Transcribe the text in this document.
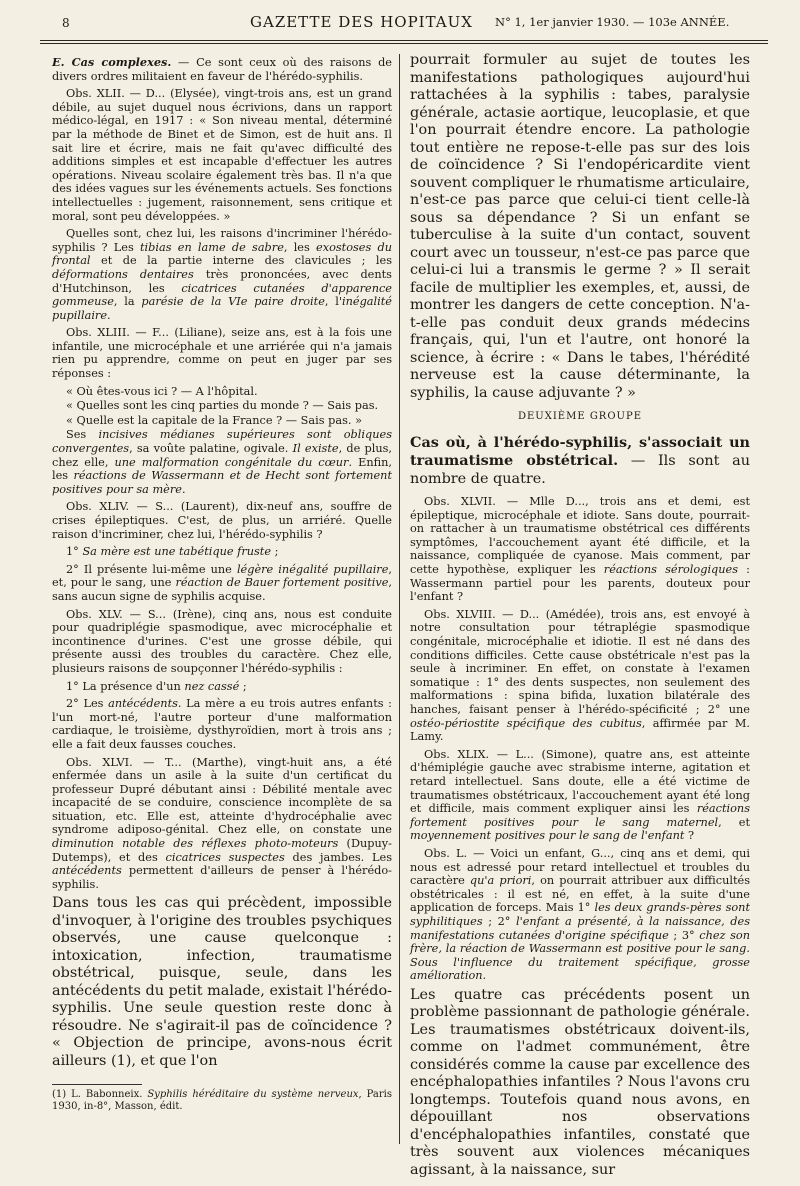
8	GAZETTE DES HOPITAUX N° 1, 1er janvier 1930. — 103e ANNÉE.

E. Cas complexes. — Ce sont ceux où des raisons de divers ordres militaient en faveur de l'hérédo-syphilis.

Obs. XLII. — D... (Elysée), vingt-trois ans, est un grand débile, au sujet duquel nous écrivions, dans un rapport médico-légal, en 1917 : « Son niveau mental, déterminé par la méthode de Binet et de Simon, est de huit ans. Il sait lire et écrire, mais ne fait qu'avec difficulté des additions simples et est incapable d'effectuer les autres opérations. Niveau scolaire également très bas. Il n'a que des idées vagues sur les événements actuels. Ses fonctions intellectuelles : jugement, raisonnement, sens critique et moral, sont peu développées. »

Quelles sont, chez lui, les raisons d'incriminer l'hérédo-syphilis ? Les tibias en lame de sabre, les exostoses du frontal et de la partie interne des clavicules ; les déformations dentaires très prononcées, avec dents d'Hutchinson, les cicatrices cutanées d'apparence gommeuse, la parésie de la VIe paire droite, l'inégalité pupillaire.

Obs. XLIII. — F... (Liliane), seize ans, est à la fois une infantile, une microcéphale et une arriérée qui n'a jamais rien pu apprendre, comme on peut en juger par ses réponses :

« Où êtes-vous ici ? — A l'hôpital.

« Quelles sont les cinq parties du monde ? — Sais pas.

« Quelle est la capitale de la France ? — Sais pas. »

Ses incisives médianes supérieures sont obliques convergentes, sa voûte palatine, ogivale. Il existe, de plus, chez elle, une malformation congénitale du cœur. Enfin, les réactions de Wassermann et de Hecht sont fortement positives pour sa mère.

Obs. XLIV. — S... (Laurent), dix-neuf ans, souffre de crises épileptiques. C'est, de plus, un arriéré. Quelle raison d'incriminer, chez lui, l'hérédo-syphilis ?

1° Sa mère est une tabétique fruste ;

2° Il présente lui-même une légère inégalité pupillaire, et, pour le sang, une réaction de Bauer fortement positive, sans aucun signe de syphilis acquise.

Obs. XLV. — S... (Irène), cinq ans, nous est conduite pour quadriplégie spasmodique, avec microcéphalie et incontinence d'urines. C'est une grosse débile, qui présente aussi des troubles du caractère. Chez elle, plusieurs raisons de soupçonner l'hérédo-syphilis :

1° La présence d'un nez cassé ;

2° Les antécédents. La mère a eu trois autres enfants : l'un mort-né, l'autre porteur d'une malformation cardiaque, le troisième, dysthyroïdien, mort à trois ans ; elle a fait deux fausses couches.

Obs. XLVI. — T... (Marthe), vingt-huit ans, a été enfermée dans un asile à la suite d'un certificat du professeur Dupré débutant ainsi : Débilité mentale avec incapacité de se conduire, conscience incomplète de sa situation, etc. Elle est, atteinte d'hydrocéphalie avec syndrome adiposo-génital. Chez elle, on constate une diminution notable des réflexes photo-moteurs (Dupuy-Dutemps), et des cicatrices suspectes des jambes. Les antécédents permettent d'ailleurs de penser à l'hérédo-syphilis.

Dans tous les cas qui précèdent, impossible d'invoquer, à l'origine des troubles psychiques observés, une cause quelconque : intoxication, infection, traumatisme obstétrical, puisque, seule, dans les antécédents du petit malade, existait l'hérédo-syphilis. Une seule question reste donc à résoudre. Ne s'agirait-il pas de coïncidence ? « Objection de principe, avons-nous écrit ailleurs (1), et que l'on

(1) L. Babonneix. Syphilis héréditaire du système nerveux, Paris 1930, in-8°, Masson, édit.

pourrait formuler au sujet de toutes les manifestations pathologiques aujourd'hui rattachées à la syphilis : tabes, paralysie générale, actasie aortique, leucoplasie, et que l'on pourrait étendre encore. La pathologie tout entière ne repose-t-elle pas sur des lois de coïncidence ? Si l'endopéricardite vient souvent compliquer le rhumatisme articulaire, n'est-ce pas parce que celui-ci tient celle-là sous sa dépendance ? Si un enfant se tuberculise à la suite d'un contact, souvent court avec un tousseur, n'est-ce pas parce que celui-ci lui a transmis le germe ? » Il serait facile de multiplier les exemples, et, aussi, de montrer les dangers de cette conception. N'a-t-elle pas conduit deux grands médecins français, qui, l'un et l'autre, ont honoré la science, à écrire : « Dans le tabes, l'hérédité nerveuse est la cause déterminante, la syphilis, la cause adjuvante ? »

DEUXIÈME GROUPE

Cas où, à l'hérédo-syphilis, s'associait un traumatisme obstétrical. — Ils sont au nombre de quatre.

Obs. XLVII. — Mlle D..., trois ans et demi, est épileptique, microcéphale et idiote. Sans doute, pourrait-on rattacher à un traumatisme obstétrical ces différents symptômes, l'accouchement ayant été difficile, et la naissance, compliquée de cyanose. Mais comment, par cette hypothèse, expliquer les réactions sérologiques : Wassermann partiel pour les parents, douteux pour l'enfant ?

Obs. XLVIII. — D... (Amédée), trois ans, est envoyé à notre consultation pour tétraplégie spasmodique congénitale, microcéphalie et idiotie. Il est né dans des conditions difficiles. Cette cause obstétricale n'est pas la seule à incriminer. En effet, on constate à l'examen somatique : 1° des dents suspectes, non seulement des malformations : spina bifida, luxation bilatérale des hanches, faisant penser à l'hérédo-spécificité ; 2° une ostéo-périostite spécifique des cubitus, affirmée par M. Lamy.

Obs. XLIX. — L... (Simone), quatre ans, est atteinte d'hémiplégie gauche avec strabisme interne, agitation et retard intellectuel. Sans doute, elle a été victime de traumatismes obstétricaux, l'accouchement ayant été long et difficile, mais comment expliquer ainsi les réactions fortement positives pour le sang maternel, et moyennement positives pour le sang de l'enfant ?

Obs. L. — Voici un enfant, G..., cinq ans et demi, qui nous est adressé pour retard intellectuel et troubles du caractère qu'a priori, on pourrait attribuer aux difficultés obstétricales : il est né, en effet, à la suite d'une application de forceps. Mais 1° les deux grands-pères sont syphilitiques ; 2° l'enfant a présenté, à la naissance, des manifestations cutanées d'origine spécifique ; 3° chez son frère, la réaction de Wassermann est positive pour le sang. Sous l'influence du traitement spécifique, grosse amélioration.

Les quatre cas précédents posent un problème passionnant de pathologie générale. Les traumatismes obstétricaux doivent-ils, comme on l'admet communément, être considérés comme la cause par excellence des encéphalopathies infantiles ? Nous l'avons cru longtemps. Toutefois quand nous avons, en dépouillant nos observations d'encéphalopathies infantiles, constaté que très souvent aux violences mécaniques agissant, à la naissance, sur
